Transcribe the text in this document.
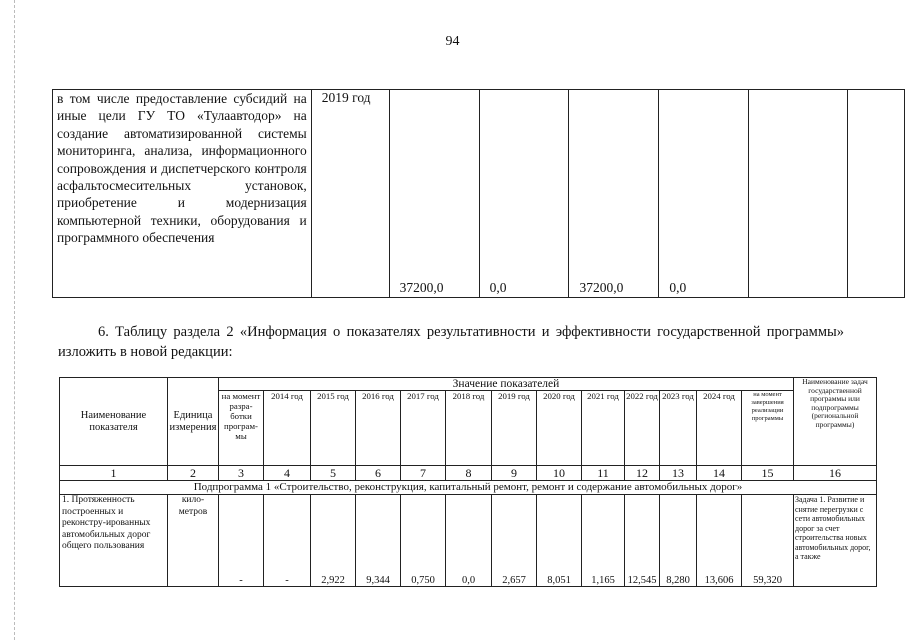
94
в том числе предоставление субсидий на иные цели ГУ ТО «Тулаавтодор» на создание автоматизированной системы мониторинга, анализа, информационного сопровождения и диспетчерского контроля асфальтосмесительных установок, приобретение и модернизация компьютерной техники, оборудования и программного обеспечения	2019 год	37200,0	0,0	37200,0	0,0		
6. Таблицу раздела 2 «Информация о показателях результативности и эффективности государственной программы» изложить в новой редакции:
Наименование показателя	Единица измерения	Значение показателей													Наименование задач государственной программы или подпрограммы (региональной программы)
		на момент разра-ботки програм-мы	2014 год	2015 год	2016 год	2017 год	2018 год	2019 год	2020 год	2021 год	2022 год	2023 год	2024 год	на момент завершения реализации программы	
1	2	3	4	5	6	7	8	9	10	11	12	13	14	15	16
Подпрограмма 1 «Строительство, реконструкция, капитальный ремонт, ремонт и содержание автомобильных дорог»															
1. Протяженность построенных и реконстру-ированных автомобильных дорог общего пользования	кило-метров	-	-	2,922	9,344	0,750	0,0	2,657	8,051	1,165	12,545	8,280	13,606	59,320	Задача 1. Развитие и снятие перегрузки с сети автомобильных дорог за счет строительства новых автомобильных дорог, а также
